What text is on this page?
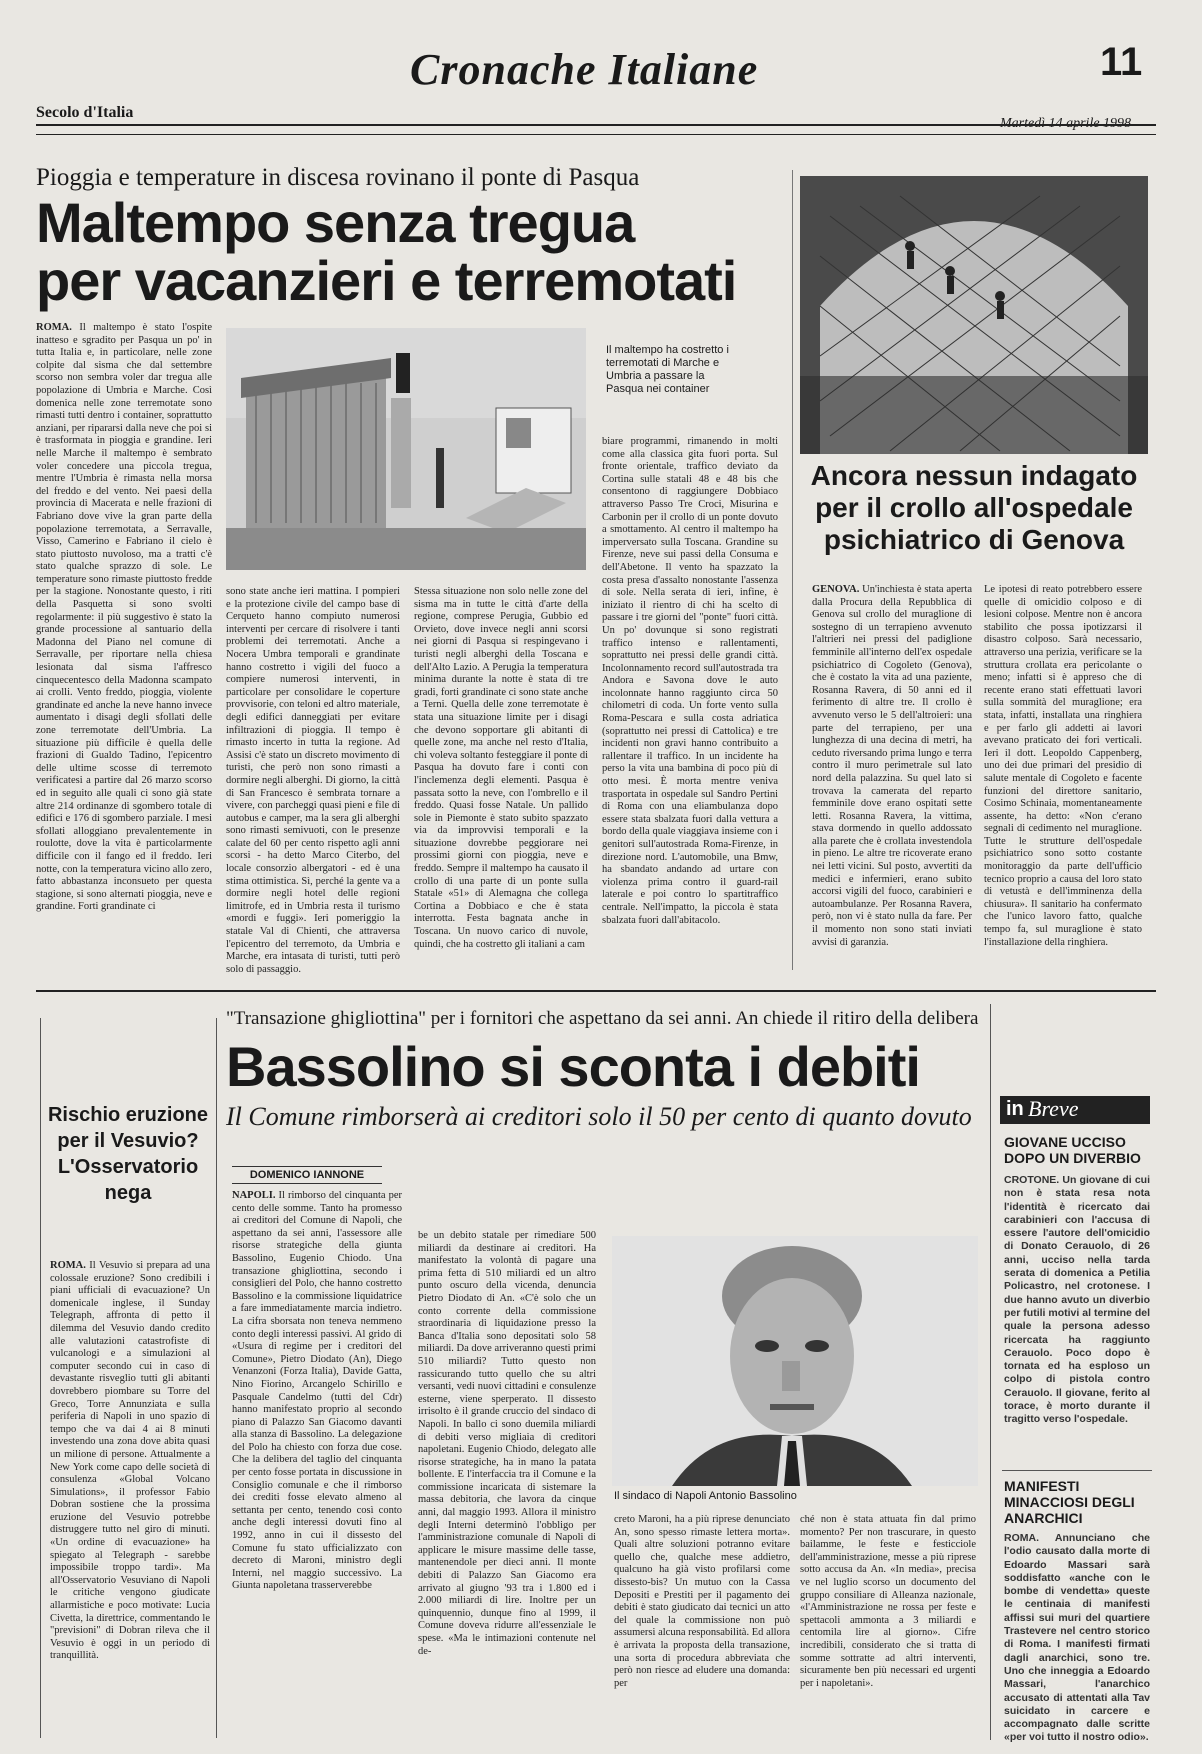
Cronache Italiane	11
Secolo d'Italia
Pioggia e temperature in discesa rovinano il ponte di Pasqua
Maltempo senza tregua
per vacanzieri e terremotati
Il maltempo ha costretto i terremotati di Marche e Umbria a passare la Pasqua nei container
ROMA. Il maltempo è stato l'ospite inatteso e sgradito per Pasqua un po' in tutta Italia e, in particolare, nelle zone colpite dal sisma che dal settembre scorso non sembra voler dar tregua alle popolazione di Umbria e Marche. Così domenica nelle zone terremotate sono rimasti tutti dentro i container, soprattutto anziani, per ripararsi dalla neve che poi si è trasformata in pioggia e grandine. Ieri nelle Marche il maltempo è sembrato voler concedere una piccola tregua, mentre l'Umbria è rimasta nella morsa del freddo e del vento. Nei paesi della provincia di Macerata e nelle frazioni di Fabriano dove vive la gran parte della popolazione terremotata, a Serravalle, Visso, Camerino e Fabriano il cielo è stato piuttosto nuvoloso, ma a tratti c'è stato qualche sprazzo di sole. Le temperature sono rimaste piuttosto fredde per la stagione. Nonostante questo, i riti della Pasquetta si sono svolti regolarmente: il più suggestivo è stato la grande processione al santuario della Madonna del Piano nel comune di Serravalle, per riportare nella chiesa lesionata dal sisma l'affresco cinquecentesco della Madonna scampato ai crolli. Vento freddo, pioggia, violente grandinate ed anche la neve hanno invece aumentato i disagi degli sfollati delle zone terremotate dell'Umbria. La situazione più difficile è quella delle frazioni di Gualdo Tadino, l'epicentro delle ultime scosse di terremoto verificatesi a partire dal 26 marzo scorso ed in seguito alle quali ci sono già state altre 214 ordinanze di sgombero totale di edifici e 176 di sgombero parziale. I mesi sfollati alloggiano prevalentemente in roulotte, dove la vita è particolarmente difficile con il fango ed il freddo. Ieri notte, con la temperatura vicino allo zero, fatto abbastanza inconsueto per questa stagione, si sono alternati pioggia, neve e grandine. Forti grandinate ci
sono state anche ieri mattina. I pompieri e la protezione civile del campo base di Cerqueto hanno compiuto numerosi interventi per cercare di risolvere i tanti problemi dei terremotati. Anche a Nocera Umbra temporali e grandinate hanno costretto i vigili del fuoco a compiere numerosi interventi, in particolare per consolidare le coperture provvisorie, con teloni ed altro materiale, degli edifici danneggiati per evitare infiltrazioni di pioggia. Il tempo è rimasto incerto in tutta la regione. Ad Assisi c'è stato un discreto movimento di turisti, che però non sono rimasti a dormire negli alberghi. Di giorno, la città di San Francesco è sembrata tornare a vivere, con parcheggi quasi pieni e file di autobus e camper, ma la sera gli alberghi sono rimasti semivuoti, con le presenze calate del 60 per cento rispetto agli anni scorsi - ha detto Marco Citerbo, del locale consorzio albergatori - ed è una stima ottimistica. Sì, perché la gente va a dormire negli hotel delle regioni limitrofe, ed in Umbria resta il turismo «mordi e fuggi». Ieri pomeriggio la statale Val di Chienti, che attraversa l'epicentro del terremoto, da Umbria e Marche, era intasata di turisti, tutti però solo di passaggio.
Stessa situazione non solo nelle zone del sisma ma in tutte le città d'arte della regione, comprese Perugia, Gubbio ed Orvieto, dove invece negli anni scorsi nei giorni di Pasqua si respingevano i turisti negli alberghi della Toscana e dell'Alto Lazio. A Perugia la temperatura minima durante la notte è stata di tre gradi, forti grandinate ci sono state anche a Terni. Quella delle zone terremotate è stata una situazione limite per i disagi che devono sopportare gli abitanti di quelle zone, ma anche nel resto d'Italia, chi voleva soltanto festeggiare il ponte di Pasqua ha dovuto fare i conti con l'inclemenza degli elementi. Pasqua è passata sotto la neve, con l'ombrello e il freddo. Quasi fosse Natale. Un pallido sole in Piemonte è stato subito spazzato via da improvvisi temporali e la situazione dovrebbe peggiorare nei prossimi giorni con pioggia, neve e freddo. Sempre il maltempo ha causato il crollo di una parte di un ponte sulla Statale «51» di Alemagna che collega Cortina a Dobbiaco e che è stata interrotta. Festa bagnata anche in Toscana. Un nuovo carico di nuvole, quindi, che ha costretto gli italiani a cam
biare programmi, rimanendo in molti come alla classica gita fuori porta. Sul fronte orientale, traffico deviato da Cortina sulle statali 48 e 48 bis che consentono di raggiungere Dobbiaco attraverso Passo Tre Croci, Misurina e Carbonin per il crollo di un ponte dovuto a smottamento. Al centro il maltempo ha imperversato sulla Toscana. Grandine su Firenze, neve sui passi della Consuma e dell'Abetone. Il vento ha spazzato la costa presa d'assalto nonostante l'assenza di sole. Nella serata di ieri, infine, è iniziato il rientro di chi ha scelto di passare i tre giorni del "ponte" fuori città. Un po' dovunque si sono registrati traffico intenso e rallentamenti, soprattutto nei pressi delle grandi città. Incolonnamento record sull'autostrada tra Andora e Savona dove le auto incolonnate hanno raggiunto circa 50 chilometri di coda. Un forte vento sulla Roma-Pescara e sulla costa adriatica (soprattutto nei pressi di Cattolica) e tre incidenti non gravi hanno contribuito a rallentare il traffico. In un incidente ha perso la vita una bambina di poco più di otto mesi. È morta mentre veniva trasportata in ospedale sul Sandro Pertini di Roma con una eliambulanza dopo essere stata sbalzata fuori dalla vettura a bordo della quale viaggiava insieme con i genitori sull'autostrada Roma-Firenze, in direzione nord. L'automobile, una Bmw, ha sbandato andando ad urtare con violenza prima contro il guard-rail laterale e poi contro lo spartitraffico centrale. Nell'impatto, la piccola è stata sbalzata fuori dall'abitacolo.
Ancora nessun indagato per il crollo all'ospedale psichiatrico di Genova
GENOVA. Un'inchiesta è stata aperta dalla Procura della Repubblica di Genova sul crollo del muraglione di sostegno di un terrapieno avvenuto l'altrieri nei pressi del padiglione femminile all'interno dell'ex ospedale psichiatrico di Cogoleto (Genova), che è costato la vita ad una paziente, Rosanna Ravera, di 50 anni ed il ferimento di altre tre. Il crollo è avvenuto verso le 5 dell'altroieri: una parte del terrapieno, per una lunghezza di una decina di metri, ha ceduto riversando prima lungo e terra contro il muro perimetrale sul lato nord della palazzina. Su quel lato si trovava la camerata del reparto femminile dove erano ospitati sette letti. Rosanna Ravera, la vittima, stava dormendo in quello addossato alla parete che è crollata investendola in pieno. Le altre tre ricoverate erano nei letti vicini. Sul posto, avvertiti da medici e infermieri, erano subito accorsi vigili del fuoco, carabinieri e autoambulanze. Per Rosanna Ravera, però, non vi è stato nulla da fare. Per il momento non sono stati inviati avvisi di garanzia.
Le ipotesi di reato potrebbero essere quelle di omicidio colposo e di lesioni colpose. Mentre non è ancora stabilito che possa ipotizzarsi il disastro colposo. Sarà necessario, attraverso una perizia, verificare se la struttura crollata era pericolante o meno; infatti si è appreso che di recente erano stati effettuati lavori sulla sommità del muraglione; era stata, infatti, installata una ringhiera e per farlo gli addetti ai lavori avevano praticato dei fori verticali. Ieri il dott. Leopoldo Cappenberg, uno dei due primari del presidio di salute mentale di Cogoleto e facente funzioni del direttore sanitario, Cosimo Schinaia, momentaneamente assente, ha detto: «Non c'erano segnali di cedimento nel muraglione. Tutte le strutture dell'ospedale psichiatrico sono sotto costante monitoraggio da parte dell'ufficio tecnico proprio a causa del loro stato di vetustà e dell'imminenza della chiusura». Il sanitario ha confermato che l'unico lavoro fatto, qualche tempo fa, sul muraglione è stato l'installazione della ringhiera.
Rischio eruzione per il Vesuvio? L'Osservatorio nega
ROMA. Il Vesuvio si prepara ad una colossale eruzione? Sono credibili i piani ufficiali di evacuazione? Un domenicale inglese, il Sunday Telegraph, affronta di petto il dilemma del Vesuvio dando credito alle valutazioni catastrofiste di vulcanologi e a simulazioni al computer secondo cui in caso di devastante risveglio tutti gli abitanti dovrebbero piombare su Torre del Greco, Torre Annunziata e sulla periferia di Napoli in uno spazio di tempo che va dai 4 ai 8 minuti investendo una zona dove abita quasi un milione di persone. Attualmente a New York come capo delle società di consulenza «Global Volcano Simulations», il professor Fabio Dobran sostiene che la prossima eruzione del Vesuvio potrebbe distruggere tutto nel giro di minuti. «Un ordine di evacuazione» ha spiegato al Telegraph - sarebbe impossibile troppo tardi». Ma all'Osservatorio Vesuviano di Napoli le critiche vengono giudicate allarmistiche e poco motivate: Lucia Civetta, la direttrice, commentando le "previsioni" di Dobran rileva che il Vesuvio è oggi in un periodo di tranquillità.
"Transazione ghigliottina" per i fornitori che aspettano da sei anni. An chiede il ritiro della delibera
Bassolino si sconta i debiti
Il Comune rimborserà ai creditori solo il 50 per cento di quanto dovuto
DOMENICO IANNONE
Il sindaco di Napoli Antonio Bassolino
NAPOLI. Il rimborso del cinquanta per cento delle somme. Tanto ha promesso ai creditori del Comune di Napoli, che aspettano da sei anni, l'assessore alle risorse strategiche della giunta Bassolino, Eugenio Chiodo. Una transazione ghigliottina, secondo i consiglieri del Polo, che hanno costretto Bassolino e la commissione liquidatrice a fare immediatamente marcia indietro. La cifra sborsata non teneva nemmeno conto degli interessi passivi. Al grido di «Usura di regime per i creditori del Comune», Pietro Diodato (An), Diego Venanzoni (Forza Italia), Davide Gatta, Nino Fiorino, Arcangelo Schirillo e Pasquale Candelmo (tutti del Cdr) hanno manifestato proprio al secondo piano di Palazzo San Giacomo davanti alla stanza di Bassolino. La delegazione del Polo ha chiesto con forza due cose. Che la delibera del taglio del cinquanta per cento fosse portata in discussione in Consiglio comunale e che il rimborso dei crediti fosse elevato almeno al settanta per cento, tenendo così conto anche degli interessi dovuti fino al 1992, anno in cui il dissesto del Comune fu stato ufficializzato con decreto di Maroni, ministro degli Interni, nel maggio successivo. La Giunta napoletana trasserverebbe
be un debito statale per rimediare 500 miliardi da destinare ai creditori. Ha manifestato la volontà di pagare una prima fetta di 510 miliardi ed un altro punto oscuro della vicenda, denuncia Pietro Diodato di An. «C'è solo che un conto corrente della commissione straordinaria di liquidazione presso la Banca d'Italia sono depositati solo 58 miliardi. Da dove arriveranno questi primi 510 miliardi? Tutto questo non rassicurando tutto quello che su altri versanti, vedi nuovi cittadini e consulenze esterne, viene sperperato. Il dissesto irrisolto è il grande cruccio del sindaco di Napoli. In ballo ci sono duemila miliardi di debiti verso migliaia di creditori napoletani. Eugenio Chiodo, delegato alle risorse strategiche, ha in mano la patata bollente. E l'interfaccia tra il Comune e la commissione incaricata di sistemare la massa debitoria, che lavora da cinque anni, dal maggio 1993. Allora il ministro degli Interni determinò l'obbligo per l'amministrazione comunale di Napoli di applicare le misure massime delle tasse, mantenendole per dieci anni. Il monte debiti di Palazzo San Giacomo era arrivato al giugno '93 tra i 1.800 ed i 2.000 miliardi di lire. Inoltre per un quinquennio, dunque fino al 1999, il Comune doveva ridurre all'essenziale le spese. «Ma le intimazioni contenute nel de-
creto Maroni, ha a più riprese denunciato An, sono spesso rimaste lettera morta». Quali altre soluzioni potranno evitare quello che, qualche mese addietro, qualcuno ha già visto profilarsi come dissesto-bis? Un mutuo con la Cassa Depositi e Prestiti per il pagamento dei debiti è stato giudicato dai tecnici un atto del quale la commissione non può assumersi alcuna responsabilità. Ed allora è arrivata la proposta della transazione, una sorta di procedura abbreviata che però non riesce ad eludere una domanda: per
ché non è stata attuata fin dal primo momento? Per non trascurare, in questo bailamme, le feste e festicciole dell'amministrazione, messe a più riprese sotto accusa da An. «In media», precisa ve nel luglio scorso un documento del gruppo consiliare di Alleanza nazionale, «l'Amministrazione ne rossa per feste e spettacoli ammonta a 3 miliardi e centomila lire al giorno». Cifre incredibili, considerato che si tratta di somme sottratte ad altri interventi, sicuramente ben più necessari ed urgenti per i napoletani».
in Breve
GIOVANE UCCISO DOPO UN DIVERBIO
CROTONE. Un giovane di cui non è stata resa nota l'identità è ricercato dai carabinieri con l'accusa di essere l'autore dell'omicidio di Donato Cerauolo, di 26 anni, ucciso nella tarda serata di domenica a Petilia Policastro, nel crotonese. I due hanno avuto un diverbio per futili motivi al termine del quale la persona adesso ricercata ha raggiunto Cerauolo. Poco dopo è tornata ed ha esploso un colpo di pistola contro Cerauolo. Il giovane, ferito al torace, è morto durante il tragitto verso l'ospedale.
MANIFESTI MINACCIOSI DEGLI ANARCHICI
ROMA. Annunciano che l'odio causato dalla morte di Edoardo Massari sarà soddisfatto «anche con le bombe di vendetta» queste le centinaia di manifesti affissi sui muri del quartiere Trastevere nel centro storico di Roma. I manifesti firmati dagli anarchici, sono tre. Uno che inneggia a Edoardo Massari, l'anarchico accusato di attentati alla Tav suicidato in carcere e accompagnato dalle scritte «per voi tutto il nostro odio».
